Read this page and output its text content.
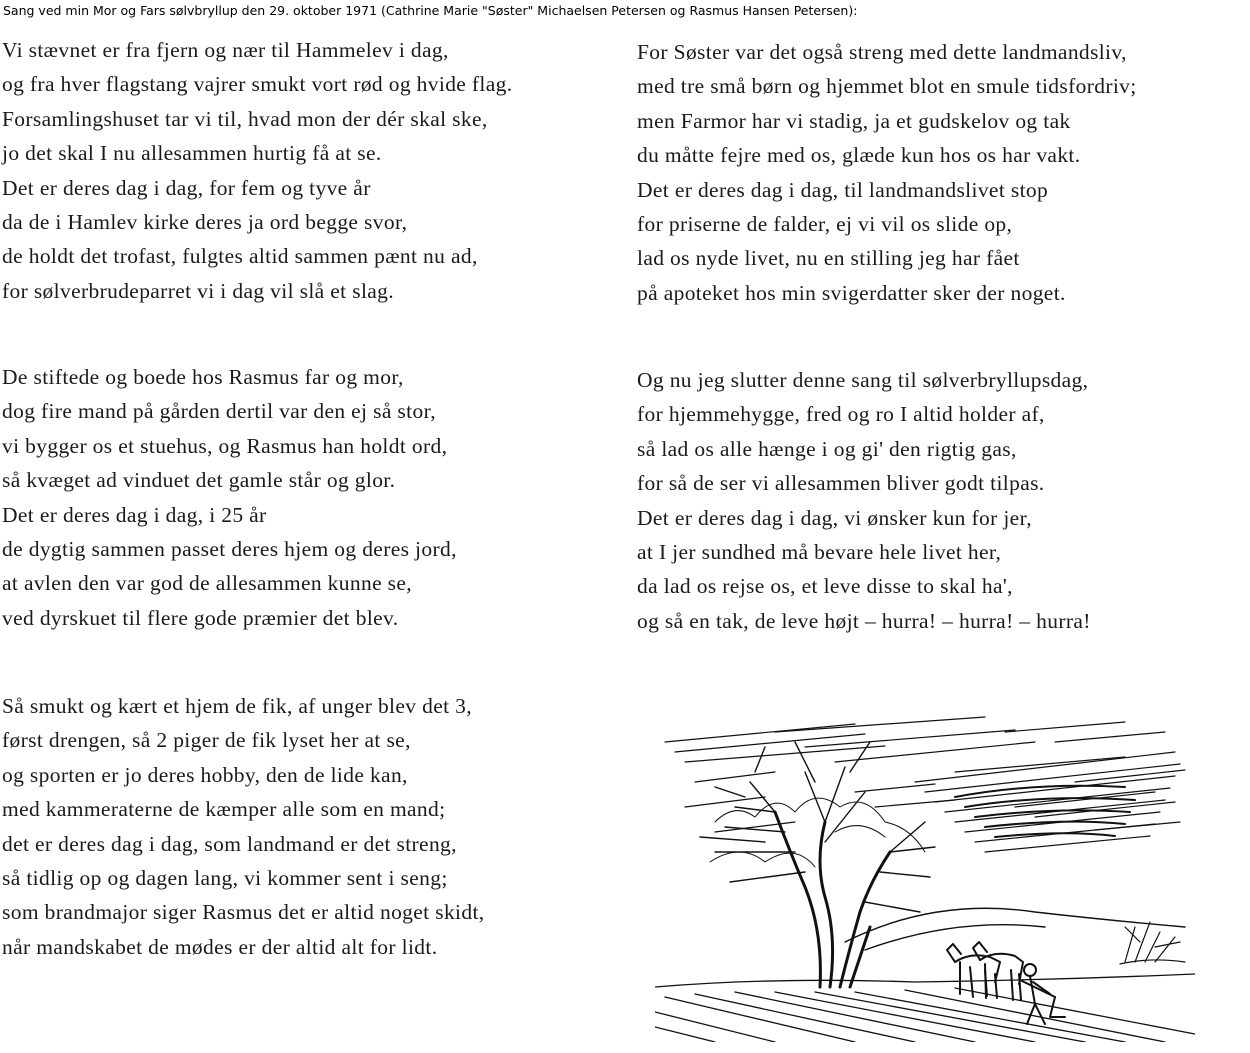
Sang ved min Mor og Fars sølvbryllup den 29. oktober 1971 (Cathrine Marie "Søster" Michaelsen Petersen og Rasmus Hansen Petersen):
Vi stævnet er fra fjern og nær til Hammelev i dag,
og fra hver flagstang vajrer smukt vort rød og hvide flag.
Forsamlingshuset tar vi til, hvad mon der dér skal ske,
jo det skal I nu allesammen hurtig få at se.
Det er deres dag i dag, for fem og tyve år
da de i Hamlev kirke deres ja ord begge svor,
de holdt det trofast, fulgtes altid sammen pænt nu ad,
for sølverbrudeparret vi i dag vil slå et slag.
De stiftede og boede hos Rasmus far og mor,
dog fire mand på gården dertil var den ej så stor,
vi bygger os et stuehus, og Rasmus han holdt ord,
så kvæget ad vinduet det gamle står og glor.
Det er deres dag i dag, i 25 år
de dygtig sammen passet deres hjem og deres jord,
at avlen den var god de allesammen kunne se,
ved dyrskuet til flere gode præmier det blev.
Så smukt og kært et hjem de fik, af unger blev det 3,
først drengen, så 2 piger de fik lyset her at se,
og sporten er jo deres hobby, den de lide kan,
med kammeraterne de kæmper alle som en mand;
det er deres dag i dag, som landmand er det streng,
så tidlig op og dagen lang, vi kommer sent i seng;
som brandmajor siger Rasmus det er altid noget skidt,
når mandskabet de mødes er der altid alt for lidt.
For Søster var det også streng med dette landmandsliv,
med tre små børn og hjemmet blot en smule tidsfordriv;
men Farmor har vi stadig, ja et gudskelov og tak
du måtte fejre med os, glæde kun hos os har vakt.
Det er deres dag i dag, til landmandslivet stop
for priserne de falder, ej vi vil os slide op,
lad os nyde livet, nu en stilling jeg har fået
på apoteket hos min svigerdatter sker der noget.
Og nu jeg slutter denne sang til sølverbryllupsdag,
for hjemmehygge, fred og ro I altid holder af,
så lad os alle hænge i og gi' den rigtig gas,
for så de ser vi allesammen bliver godt tilpas.
Det er deres dag i dag, vi ønsker kun for jer,
at I jer sundhed må bevare hele livet her,
da lad os rejse os, et leve disse to skal ha',
og så en tak, de leve højt – hurra! – hurra! – hurra!
